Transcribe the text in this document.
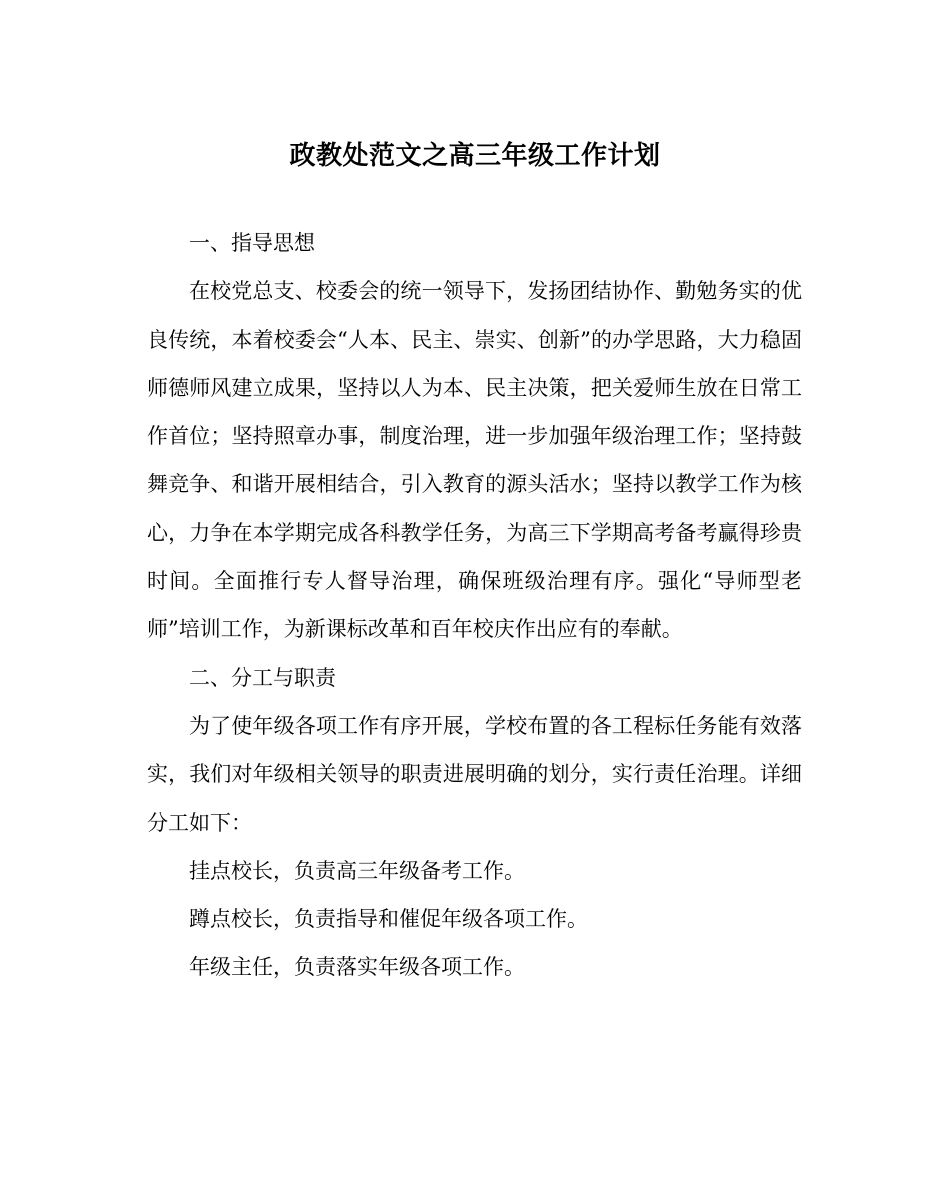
政教处范文之高三年级工作计划

一、指导思想

在校党总支、校委会的统一领导下，发扬团结协作、勤勉务实的优良传统，本着校委会“人本、民主、崇实、创新”的办学思路，大力稳固师德师风建立成果，坚持以人为本、民主决策，把关爱师生放在日常工作首位；坚持照章办事，制度治理，进一步加强年级治理工作；坚持鼓舞竞争、和谐开展相结合，引入教育的源头活水；坚持以教学工作为核心，力争在本学期完成各科教学任务，为高三下学期高考备考赢得珍贵时间。全面推行专人督导治理，确保班级治理有序。强化“导师型老师”培训工作，为新课标改革和百年校庆作出应有的奉献。

二、分工与职责

为了使年级各项工作有序开展，学校布置的各工程标任务能有效落实，我们对年级相关领导的职责进展明确的划分，实行责任治理。详细分工如下：

挂点校长，负责高三年级备考工作。

蹲点校长，负责指导和催促年级各项工作。

年级主任，负责落实年级各项工作。
